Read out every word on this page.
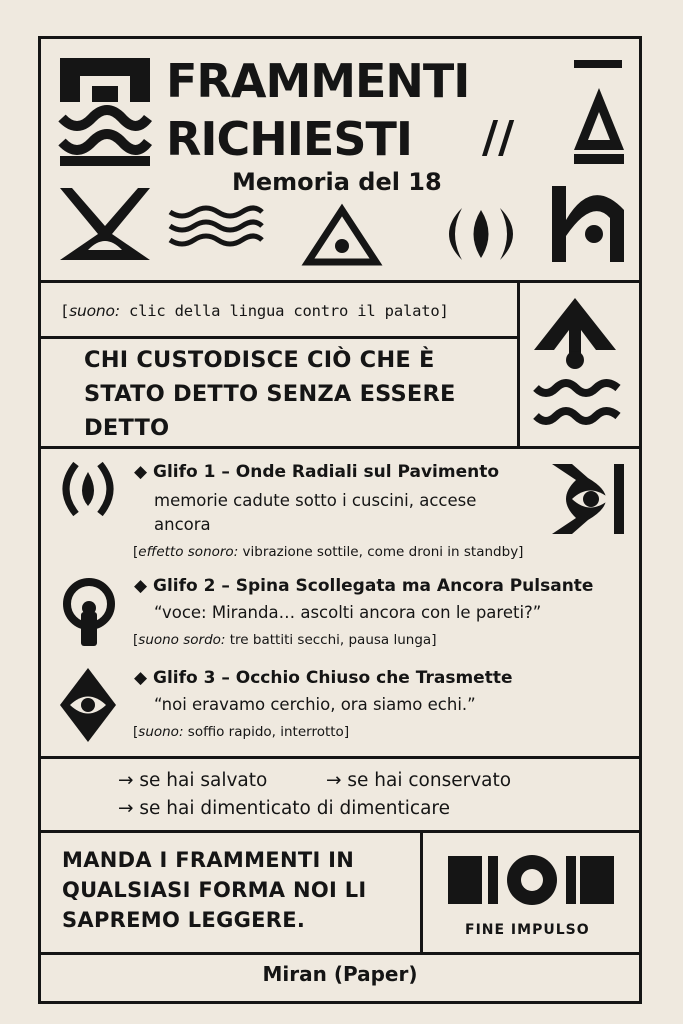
FRAMMENTI
RICHIESTI //
Memoria del 18
[suono: clic della lingua contro il palato]
CHI CUSTODISCE CIÒ CHE È STATO DETTO SENZA ESSERE DETTO
◆ Glifo 1 – Onde Radiali sul Pavimento
memorie cadute sotto i cuscini, accese
ancora
[effetto sonoro: vibrazione sottile, come droni in standby]
◆ Glifo 2 – Spina Scollegata ma Ancora Pulsante
“voce: Miranda… ascolti ancora con le pareti?”
[suono sordo: tre battiti secchi, pausa lunga]
◆ Glifo 3 – Occhio Chiuso che Trasmette
“noi eravamo cerchio, ora siamo echi.”
[suono: soffio rapido, interrotto]
→ se hai salvato	→ se hai conservato
→ se hai dimenticato di dimenticare
MANDA I FRAMMENTI IN QUALSIASI FORMA NOI LI SAPREMO LEGGERE.	FINE IMPULSO
Miran (Paper)
